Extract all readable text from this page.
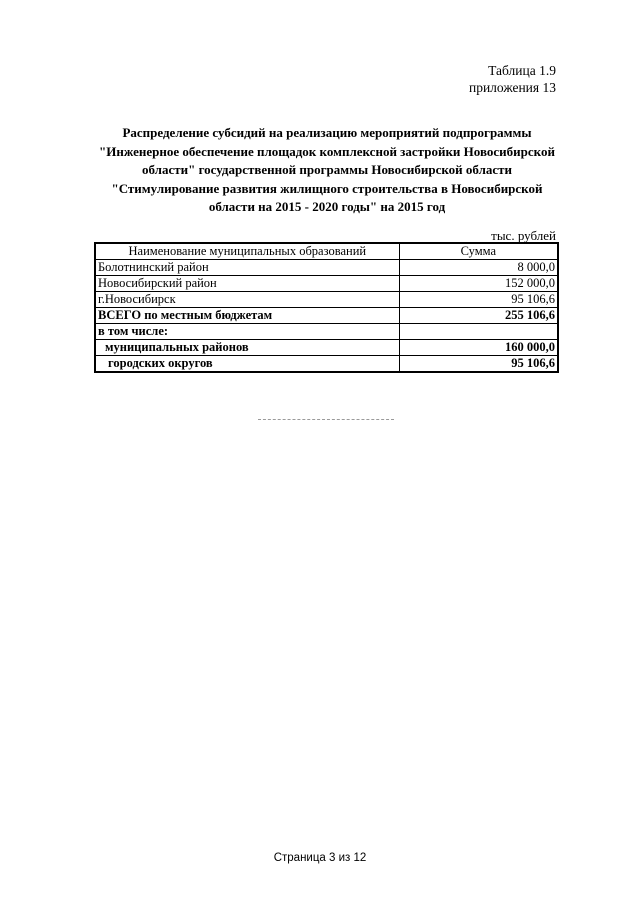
Таблица 1.9
приложения 13
Распределение субсидий на реализацию мероприятий подпрограммы
"Инженерное обеспечение площадок комплексной застройки Новосибирской
области" государственной программы Новосибирской области
"Стимулирование развития жилищного строительства в Новосибирской
области на 2015 - 2020 годы" на 2015 год
тыс. рублей
Наименование муниципальных образований	Сумма
Болотнинский район	8 000,0
Новосибирский район	152 000,0
г.Новосибирск	95 106,6
ВСЕГО по местным бюджетам	255 106,6
в том числе:	
муниципальных районов	160 000,0
городских округов	95 106,6
Страница 3 из 12
